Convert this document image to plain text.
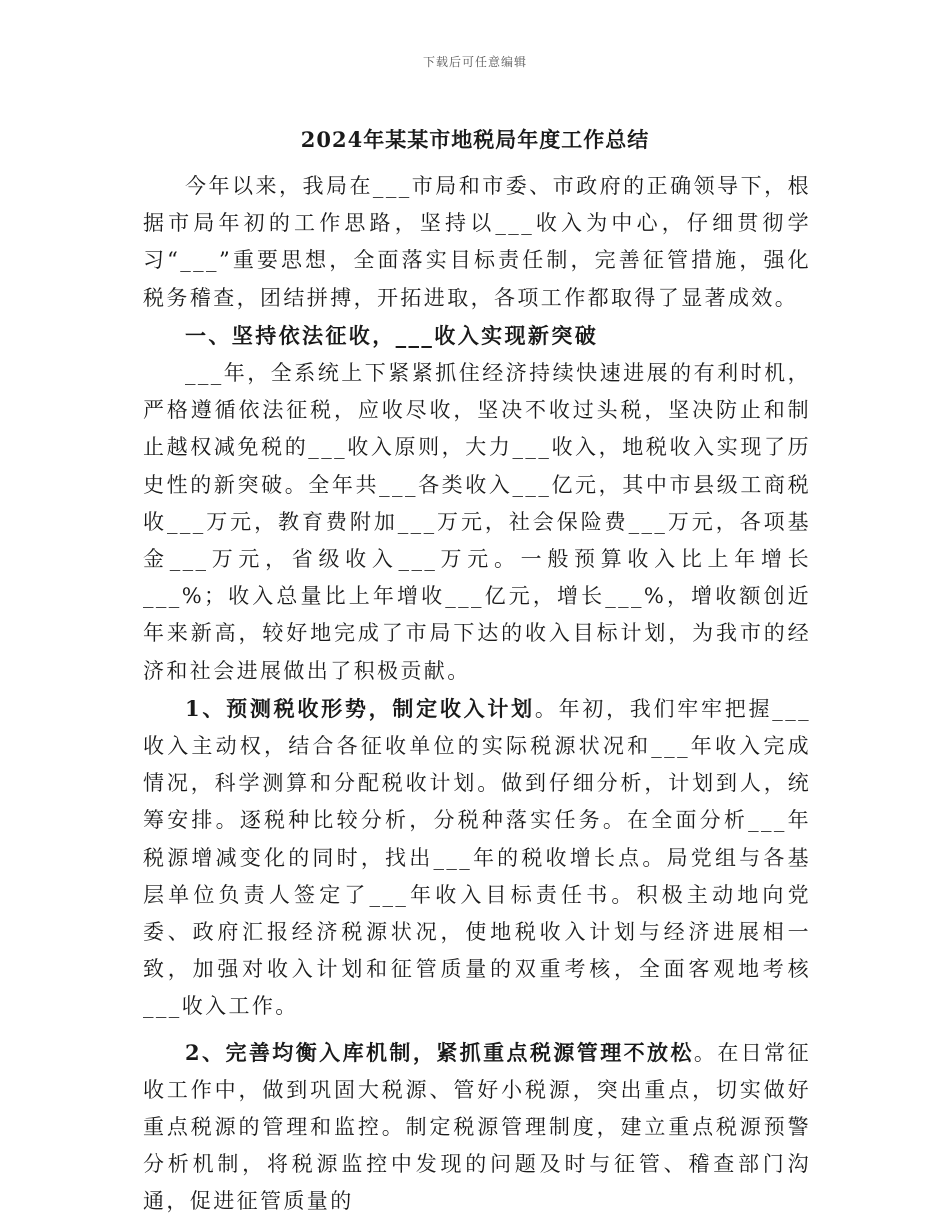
下载后可任意编辑
2024年某某市地税局年度工作总结

今年以来，我局在___市局和市委、市政府的正确领导下，根据市局年初的工作思路，坚持以___收入为中心，仔细贯彻学习“___”重要思想，全面落实目标责任制，完善征管措施，强化税务稽查，团结拼搏，开拓进取，各项工作都取得了显著成效。

一、坚持依法征收，___收入实现新突破

___年，全系统上下紧紧抓住经济持续快速进展的有利时机，严格遵循依法征税，应收尽收，坚决不收过头税，坚决防止和制止越权减免税的___收入原则，大力___收入，地税收入实现了历史性的新突破。全年共___各类收入___亿元，其中市县级工商税收___万元，教育费附加___万元，社会保险费___万元，各项基金___万元，省级收入___万元。一般预算收入比上年增长___%；收入总量比上年增收___亿元，增长___%，增收额创近年来新高，较好地完成了市局下达的收入目标计划，为我市的经济和社会进展做出了积极贡献。

1、预测税收形势，制定收入计划。年初，我们牢牢把握___收入主动权，结合各征收单位的实际税源状况和___年收入完成情况，科学测算和分配税收计划。做到仔细分析，计划到人，统筹安排。逐税种比较分析，分税种落实任务。在全面分析___年税源增减变化的同时，找出___年的税收增长点。局党组与各基层单位负责人签定了___年收入目标责任书。积极主动地向党委、政府汇报经济税源状况，使地税收入计划与经济进展相一致，加强对收入计划和征管质量的双重考核，全面客观地考核___收入工作。

2、完善均衡入库机制，紧抓重点税源管理不放松。在日常征收工作中，做到巩固大税源、管好小税源，突出重点，切实做好重点税源的管理和监控。制定税源管理制度，建立重点税源预警分析机制，将税源监控中发现的问题及时与征管、稽查部门沟通，促进征管质量的
